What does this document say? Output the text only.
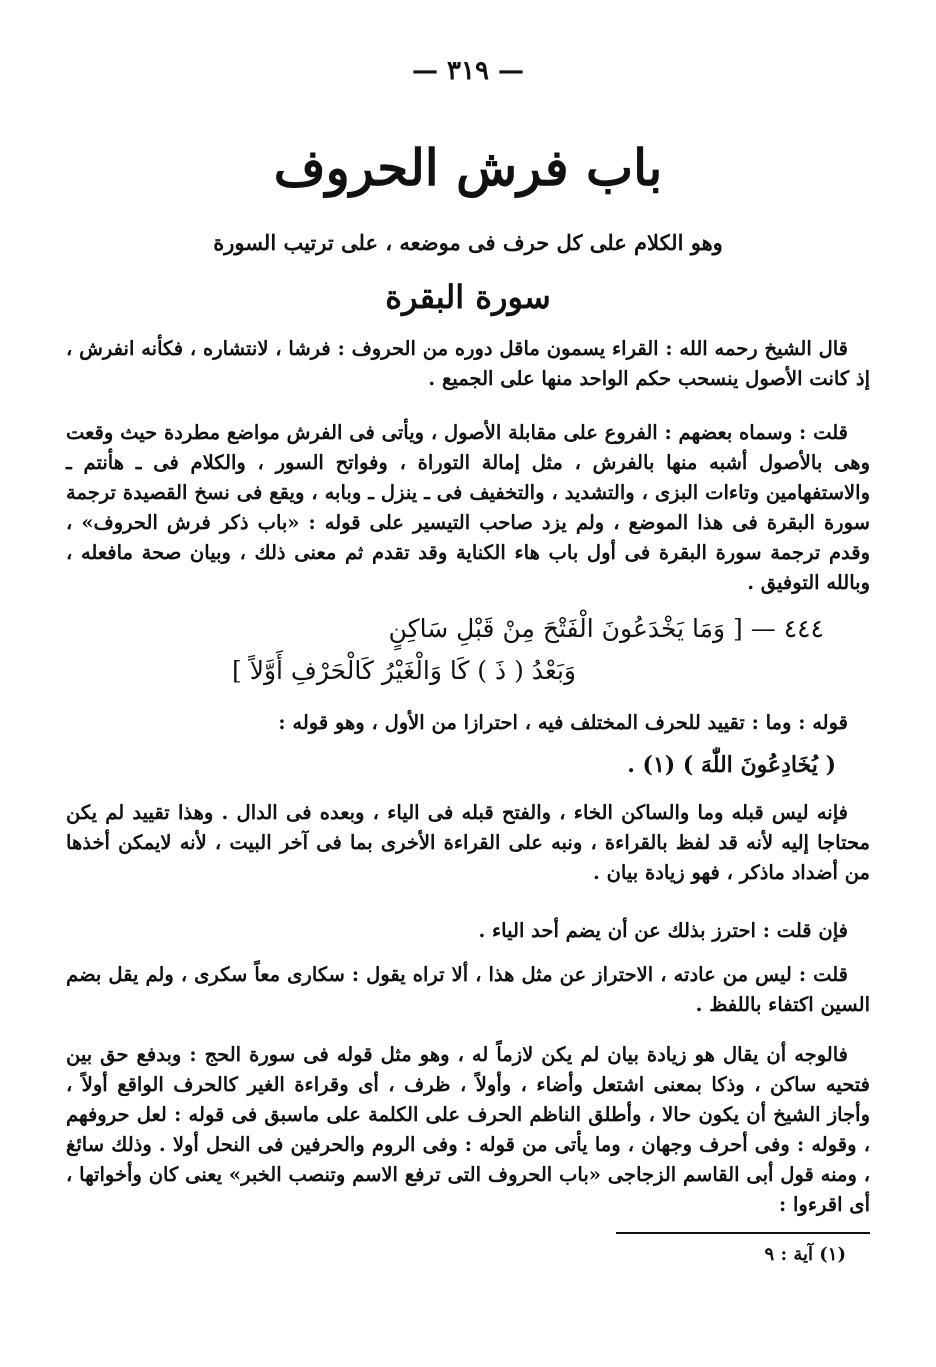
— ٣١٩ —
باب فرش الحروف
وهو الكلام على كل حرف فى موضعه ، على ترتيب السورة
سورة البقرة
قال الشيخ رحمه الله : القراء يسمون ماقل دوره من الحروف : فرشا ، لانتشاره ، فكأنه انفرش ، إذ كانت الأصول ينسحب حكم الواحد منها على الجميع .
قلت : وسماه بعضهم : الفروع على مقابلة الأصول ، ويأتى فى الفرش مواضع مطردة حيث وقعت وهى بالأصول أشبه منها بالفرش ، مثل إمالة التوراة ، وفواتح السور ، والكلام فى ـ هأنتم ـ والاستفهامين وتاءات البزى ، والتشديد ، والتخفيف فى ـ ينزل ـ وبابه ، ويقع فى نسخ القصيدة ترجمة سورة البقرة فى هذا الموضع ، ولم يزد صاحب التيسير على قوله : «باب ذكر فرش الحروف» ، وقدم ترجمة سورة البقرة فى أول باب هاء الكناية وقد تقدم ثم معنى ذلك ، وبيان صحة مافعله ، وبالله التوفيق .
٤٤٤ — [ وَمَا يَخْدَعُونَ الْفَتْحَ مِنْ قَبْلِ سَاكِنٍ
وَبَعْدُ ( ذَ ) كَا وَالْغَيْرُ كَالْحَرْفِ أَوَّلاً ]
قوله : وما : تقييد للحرف المختلف فيه ، احترازا من الأول ، وهو قوله :
( يُخَادِعُونَ اللّٰهَ ) (١) .
فإنه ليس قبله وما والساكن الخاء ، والفتح قبله فى الياء ، وبعده فى الدال . وهذا تقييد لم يكن محتاجا إليه لأنه قد لفظ بالقراءة ، ونبه على القراءة الأخرى بما فى آخر البيت ، لأنه لايمكن أخذها من أضداد ماذكر ، فهو زيادة بيان .
فإن قلت : احترز بذلك عن أن يضم أحد الياء .
قلت : ليس من عادته ، الاحتراز عن مثل هذا ، ألا تراه يقول : سكارى معاً سكرى ، ولم يقل بضم السين اكتفاء باللفظ .
فالوجه أن يقال هو زيادة بيان لم يكن لازماً له ، وهو مثل قوله فى سورة الحج : وبدفع حق بين فتحيه ساكن ، وذكا بمعنى اشتعل وأضاء ، وأولاً ، ظرف ، أى وقراءة الغير كالحرف الواقع أولاً ، وأجاز الشيخ أن يكون حالا ، وأطلق الناظم الحرف على الكلمة على ماسبق فى قوله : لعل حروفهم ، وقوله : وفى أحرف وجهان ، وما يأتى من قوله : وفى الروم والحرفين فى النحل أولا . وذلك سائغ ، ومنه قول أبى القاسم الزجاجى «باب الحروف التى ترفع الاسم وتنصب الخبر» يعنى كان وأخواتها ، أى اقرءوا :
(١) آية : ٩
